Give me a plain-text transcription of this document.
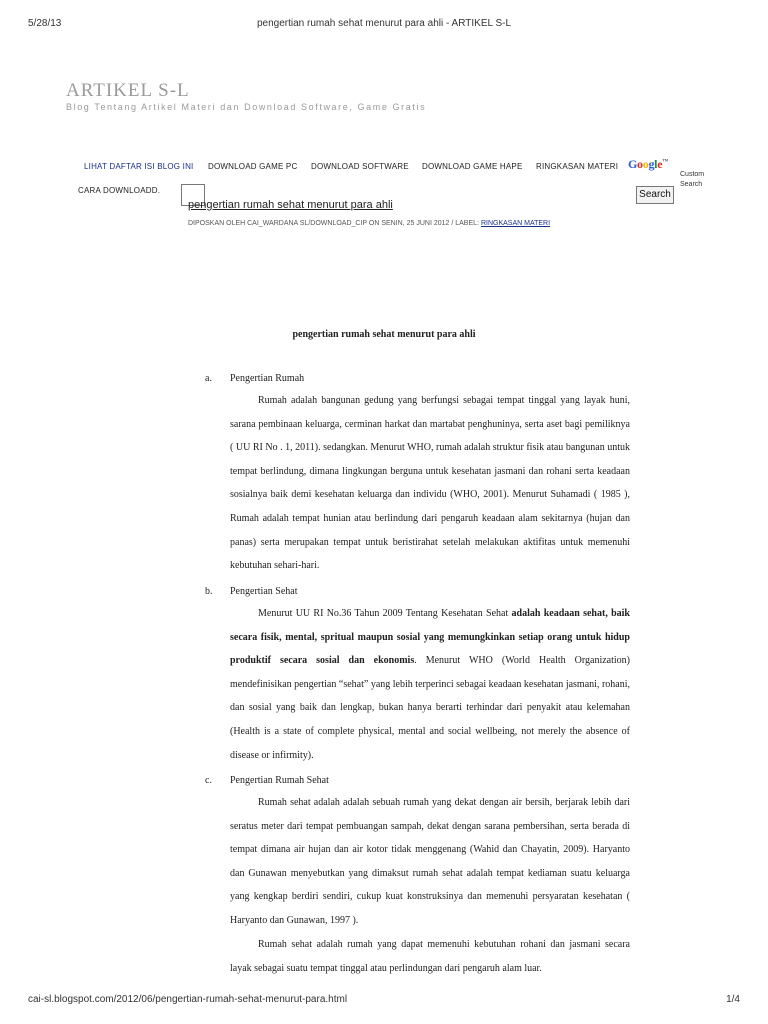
5/28/13	pengertian rumah sehat menurut para ahli - ARTIKEL S-L
cai-sl.blogspot.com/2012/06/pengertian-rumah-sehat-menurut-para.html	1/4
ARTIKEL S-L
Blog Tentang Artikel Materi dan Download Software, Game Gratis
LIHAT DAFTAR ISI BLOG INI DOWNLOAD GAME PC DOWNLOAD SOFTWARE DOWNLOAD GAME HAPE RINGKASAN MATERI
CARA DOWNLOADD.
Google™
Custom Search
Search
pengertian rumah sehat menurut para ahli
DIPOSKAN OLEH CAI_WARDANA SL/DOWNLOAD_CIP ON SENIN, 25 JUNI 2012 / LABEL: RINGKASAN MATERI
pengertian rumah sehat menurut para ahli
a. Pengertian Rumah
Rumah adalah bangunan gedung yang berfungsi sebagai tempat tinggal yang layak huni, sarana pembinaan keluarga, cerminan harkat dan martabat penghuninya, serta aset bagi pemiliknya ( UU RI No . 1, 2011). sedangkan. Menurut WHO, rumah adalah struktur fisik atau bangunan untuk tempat berlindung, dimana lingkungan berguna untuk kesehatan jasmani dan rohani serta keadaan sosialnya baik demi kesehatan keluarga dan individu (WHO, 2001). Menurut Suhamadi ( 1985 ), Rumah adalah tempat hunian atau berlindung dari pengaruh keadaan alam sekitarnya (hujan dan panas) serta merupakan tempat untuk beristirahat setelah melakukan aktifitas untuk memenuhi kebutuhan sehari-hari.
b. Pengertian Sehat
Menurut UU RI No.36 Tahun 2009 Tentang Kesehatan Sehat adalah keadaan sehat, baik secara fisik, mental, spritual maupun sosial yang memungkinkan setiap orang untuk hidup produktif secara sosial dan ekonomis. Menurut WHO (World Health Organization) mendefinisikan pengertian “sehat” yang lebih terperinci sebagai keadaan kesehatan jasmani, rohani, dan sosial yang baik dan lengkap, bukan hanya berarti terhindar dari penyakit atau kelemahan (Health is a state of complete physical, mental and social wellbeing, not merely the absence of disease or infirmity).
c. Pengertian Rumah Sehat
Rumah sehat adalah adalah sebuah rumah yang dekat dengan air bersih, berjarak lebih dari seratus meter dari tempat pembuangan sampah, dekat dengan sarana pembersihan, serta berada di tempat dimana air hujan dan air kotor tidak menggenang (Wahid dan Chayatin, 2009). Haryanto dan Gunawan menyebutkan yang dimaksut rumah sehat adalah tempat kediaman suatu keluarga yang kengkap berdiri sendiri, cukup kuat konstruksinya dan memenuhi persyaratan kesehatan ( Haryanto dan Gunawan, 1997 ).
Rumah sehat adalah rumah yang dapat memenuhi kebutuhan rohani dan jasmani secara layak sebagai suatu tempat tinggal atau perlindungan dari pengaruh alam luar.
